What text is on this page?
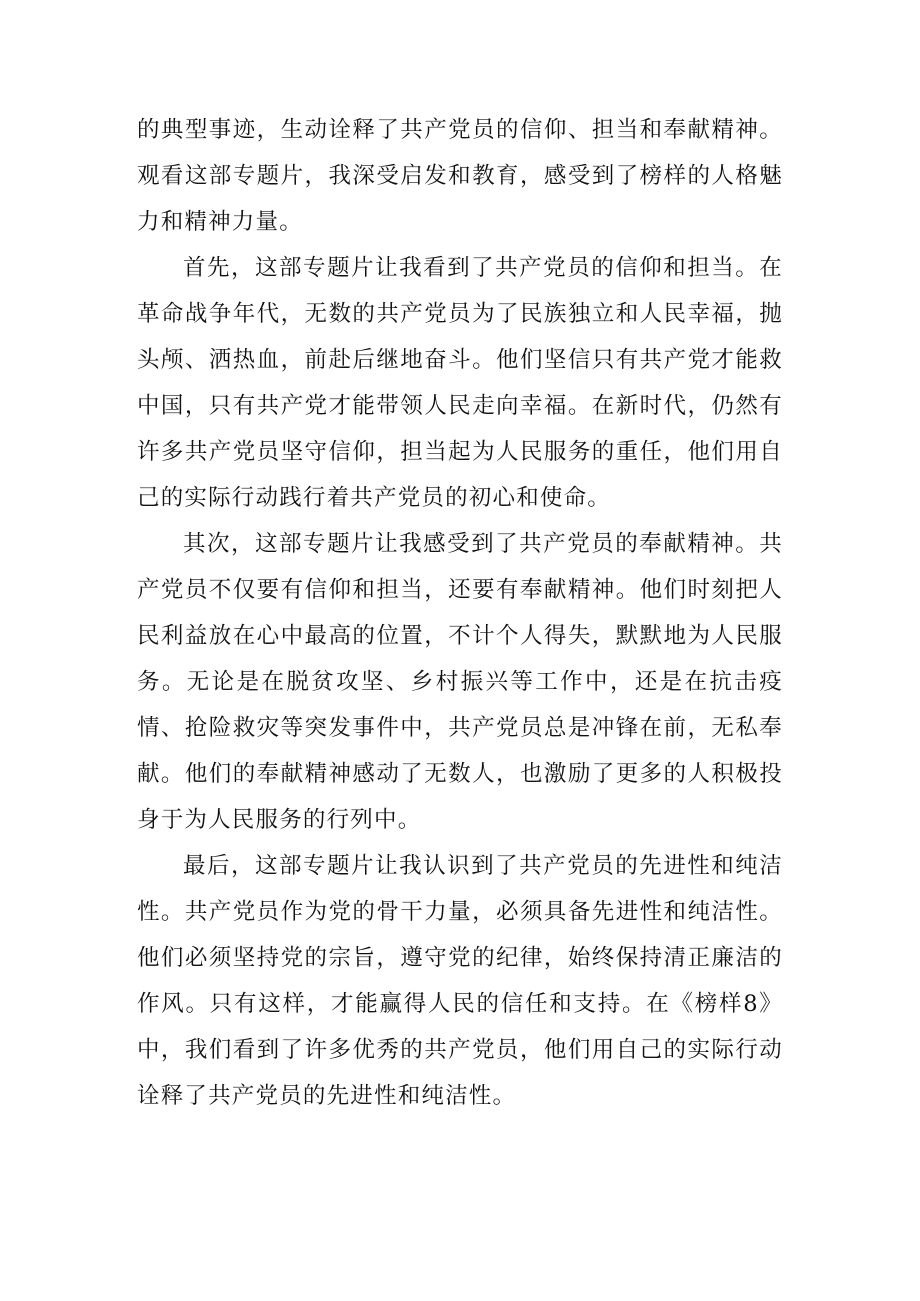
的典型事迹，生动诠释了共产党员的信仰、担当和奉献精神。观看这部专题片，我深受启发和教育，感受到了榜样的人格魅力和精神力量。

首先，这部专题片让我看到了共产党员的信仰和担当。在革命战争年代，无数的共产党员为了民族独立和人民幸福，抛头颅、洒热血，前赴后继地奋斗。他们坚信只有共产党才能救中国，只有共产党才能带领人民走向幸福。在新时代，仍然有许多共产党员坚守信仰，担当起为人民服务的重任，他们用自己的实际行动践行着共产党员的初心和使命。

其次，这部专题片让我感受到了共产党员的奉献精神。共产党员不仅要有信仰和担当，还要有奉献精神。他们时刻把人民利益放在心中最高的位置，不计个人得失，默默地为人民服务。无论是在脱贫攻坚、乡村振兴等工作中，还是在抗击疫情、抢险救灾等突发事件中，共产党员总是冲锋在前，无私奉献。他们的奉献精神感动了无数人，也激励了更多的人积极投身于为人民服务的行列中。

最后，这部专题片让我认识到了共产党员的先进性和纯洁性。共产党员作为党的骨干力量，必须具备先进性和纯洁性。他们必须坚持党的宗旨，遵守党的纪律，始终保持清正廉洁的作风。只有这样，才能赢得人民的信任和支持。在《榜样8》中，我们看到了许多优秀的共产党员，他们用自己的实际行动诠释了共产党员的先进性和纯洁性。
